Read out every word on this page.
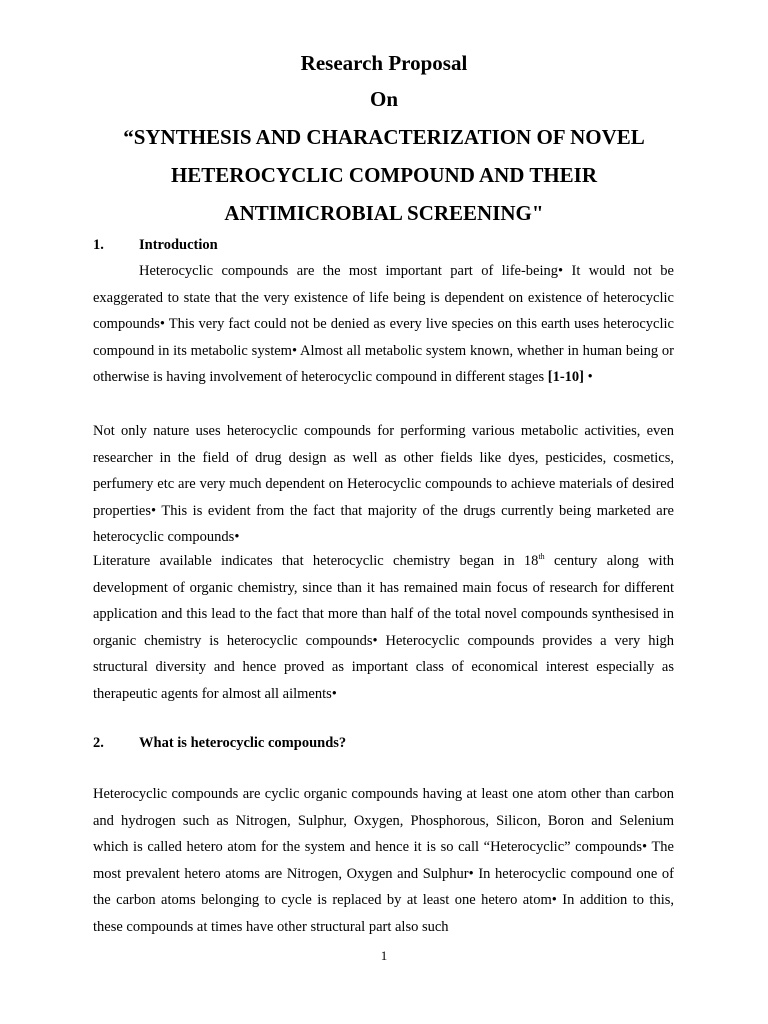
Research Proposal
On
“SYNTHESIS AND CHARACTERIZATION OF NOVEL
HETEROCYCLIC COMPOUND AND THEIR
ANTIMICROBIAL SCREENING"
1. Introduction
Heterocyclic compounds are the most important part of life-being• It would not be exaggerated to state that the very existence of life being is dependent on existence of heterocyclic compounds• This very fact could not be denied as every live species on this earth uses heterocyclic compound in its metabolic system• Almost all metabolic system known, whether in human being or otherwise is having involvement of heterocyclic compound in different stages [1-10] •
Not only nature uses heterocyclic compounds for performing various metabolic activities, even researcher in the field of drug design as well as other fields like dyes, pesticides, cosmetics, perfumery etc are very much dependent on Heterocyclic compounds to achieve materials of desired properties• This is evident from the fact that majority of the drugs currently being marketed are heterocyclic compounds•
Literature available indicates that heterocyclic chemistry began in 18th century along with development of organic chemistry, since than it has remained main focus of research for different application and this lead to the fact that more than half of the total novel compounds synthesised in organic chemistry is heterocyclic compounds• Heterocyclic compounds provides a very high structural diversity and hence proved as important class of economical interest especially as therapeutic agents for almost all ailments•
2. What is heterocyclic compounds?
Heterocyclic compounds are cyclic organic compounds having at least one atom other than carbon and hydrogen such as Nitrogen, Sulphur, Oxygen, Phosphorous, Silicon, Boron and Selenium which is called hetero atom for the system and hence it is so call “Heterocyclic” compounds• The most prevalent hetero atoms are Nitrogen, Oxygen and Sulphur• In heterocyclic compound one of the carbon atoms belonging to cycle is replaced by at least one hetero atom• In addition to this, these compounds at times have other structural part also such
1
